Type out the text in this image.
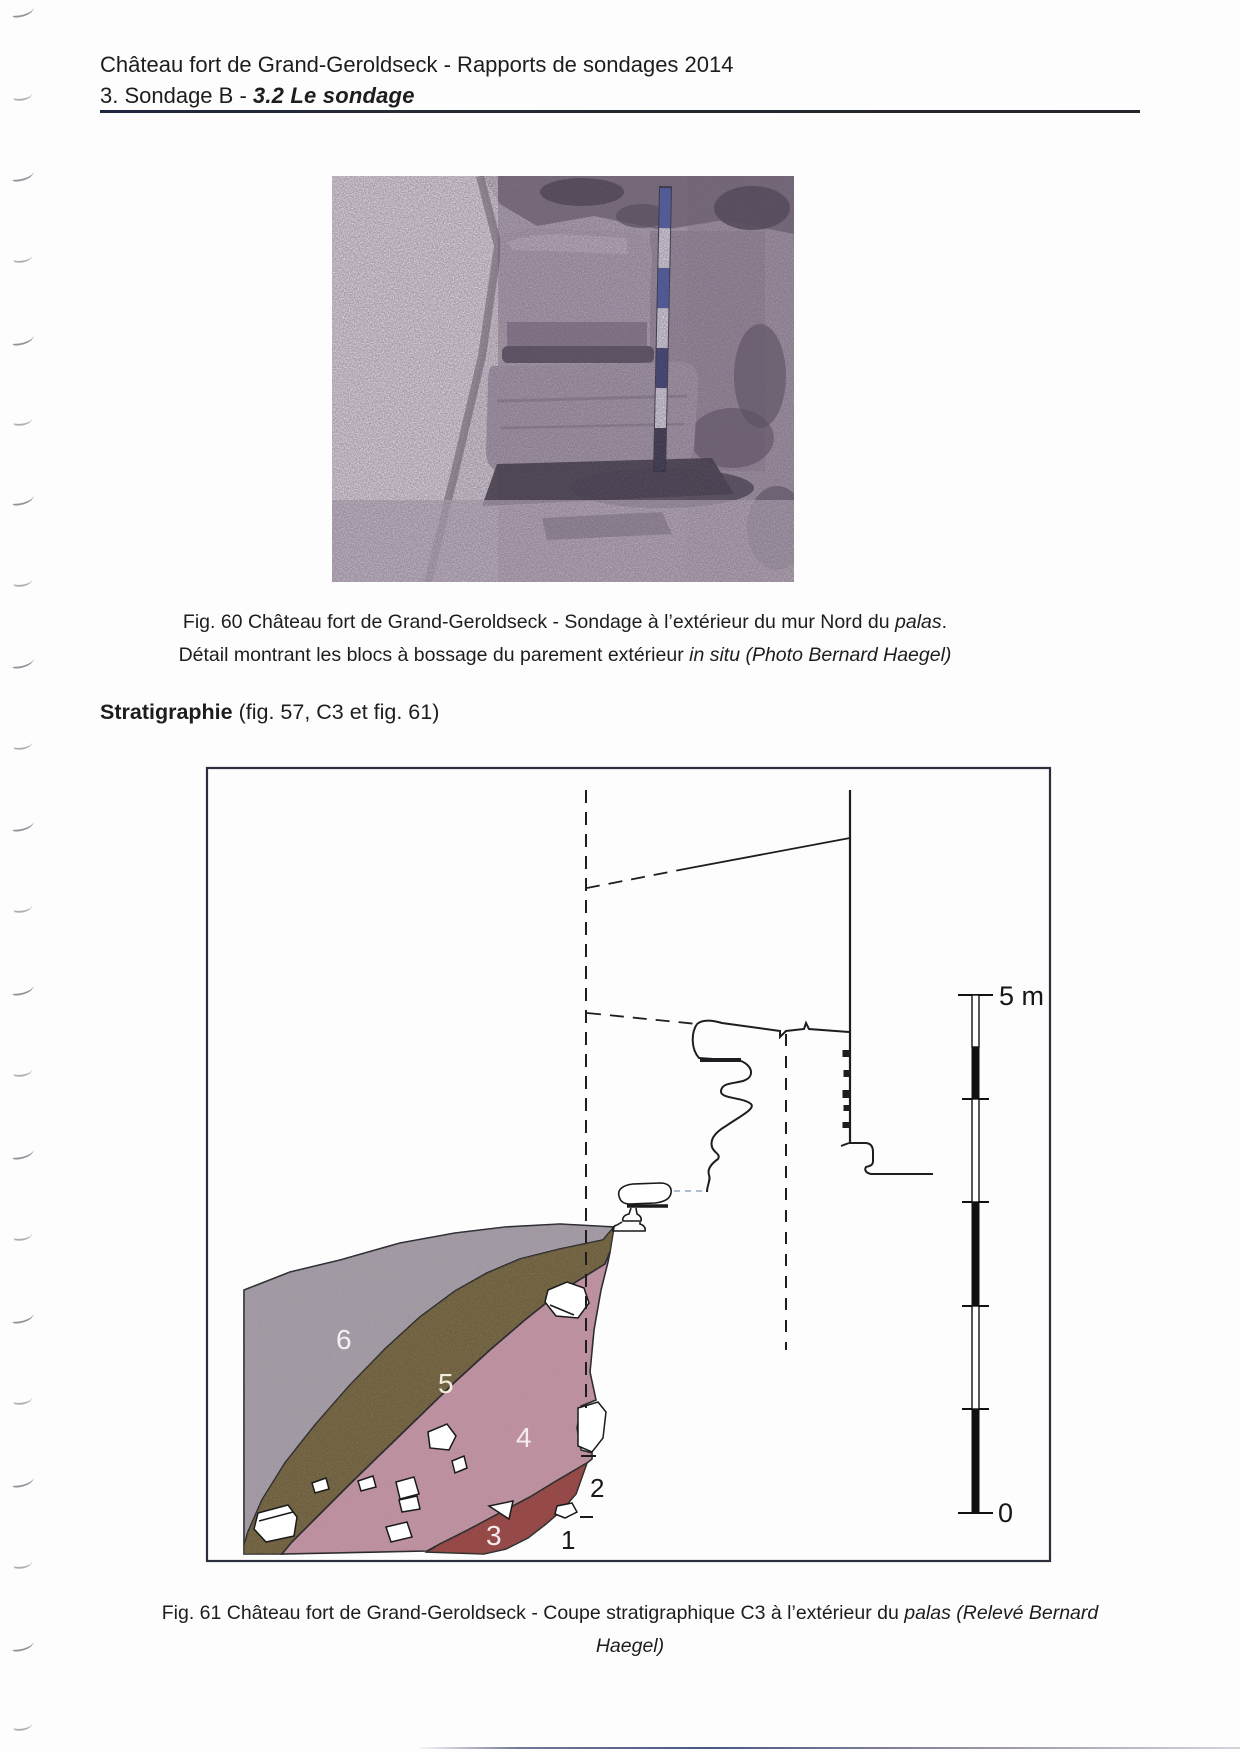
Château fort de Grand-Geroldseck - Rapports de sondages 2014
3. Sondage B - 3.2 Le sondage
Fig. 60 Château fort de Grand-Geroldseck - Sondage à l’extérieur du mur Nord du palas.
Détail montrant les blocs à bossage du parement extérieur in situ (Photo Bernard Haegel)
Stratigraphie (fig. 57, C3 et fig. 61)
5 m
0
6
5
4
3
2
1
Fig. 61 Château fort de Grand-Geroldseck - Coupe stratigraphique C3 à l’extérieur du palas (Relevé Bernard Haegel)
